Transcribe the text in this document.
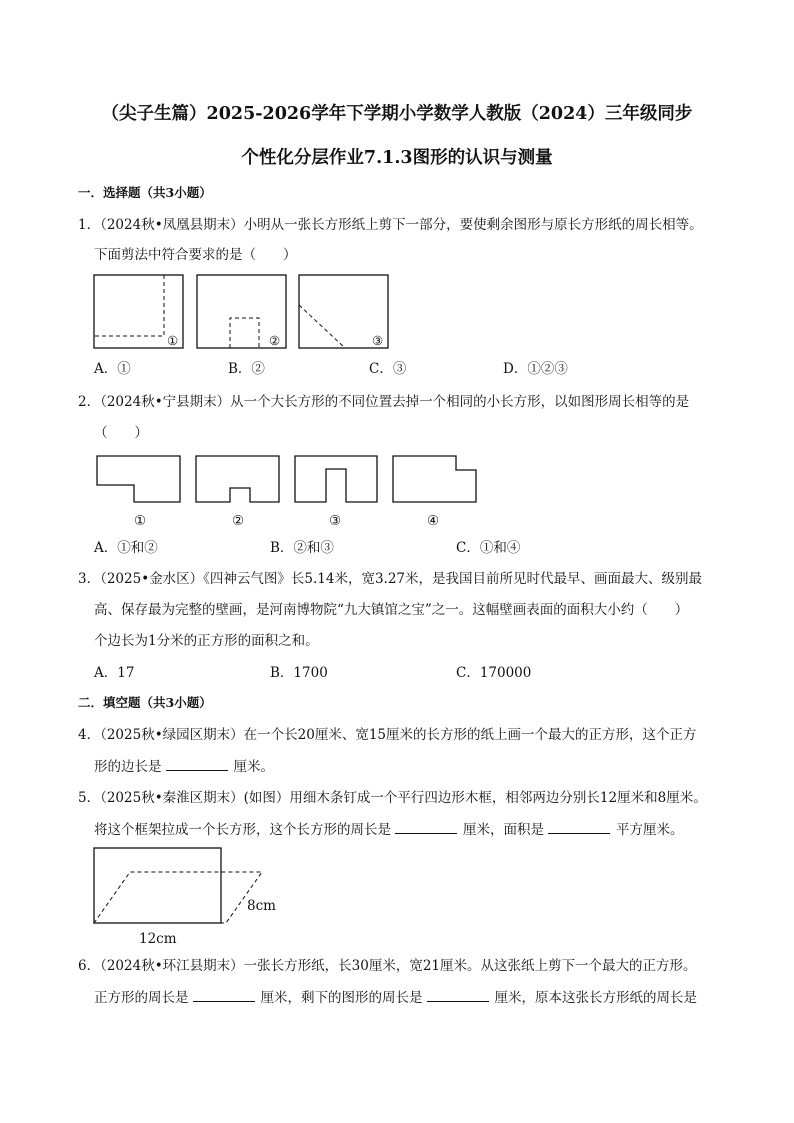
（尖子生篇）2025-2026学年下学期小学数学人教版（2024）三年级同步
个性化分层作业7.1.3图形的认识与测量
一．选择题（共3小题）
1．（2024秋•凤凰县期末）小明从一张长方形纸上剪下一部分，要使剩余图形与原长方形纸的周长相等。
下面剪法中符合要求的是（　　）
①	②	③
A．①	B．②	C．③	D．①②③
2．（2024秋•宁县期末）从一个大长方形的不同位置去掉一个相同的小长方形，以如图形周长相等的是
（　　）
①	②	③	④
A．①和②	B．②和③	C．①和④
3．（2025•金水区）《四神云气图》长5.14米，宽3.27米，是我国目前所见时代最早、画面最大、级别最
高、保存最为完整的壁画，是河南博物院“九大镇馆之宝”之一。这幅壁画表面的面积大小约（　　）
个边长为1分米的正方形的面积之和。
A．17	B．1700	C．170000
二．填空题（共3小题）
4．（2025秋•绿园区期末）在一个长20厘米、宽15厘米的长方形的纸上画一个最大的正方形，这个正方
形的边长是	厘米。
5．（2025秋•秦淮区期末）(如图）用细木条钉成一个平行四边形木框，相邻两边分别长12厘米和8厘米。
将这个框架拉成一个长方形，这个长方形的周长是	厘米，面积是	平方厘米。
8cm
12cm
6．（2024秋•环江县期末）一张长方形纸，长30厘米，宽21厘米。从这张纸上剪下一个最大的正方形。
正方形的周长是	厘米，剩下的图形的周长是	厘米，原本这张长方形纸的周长是
